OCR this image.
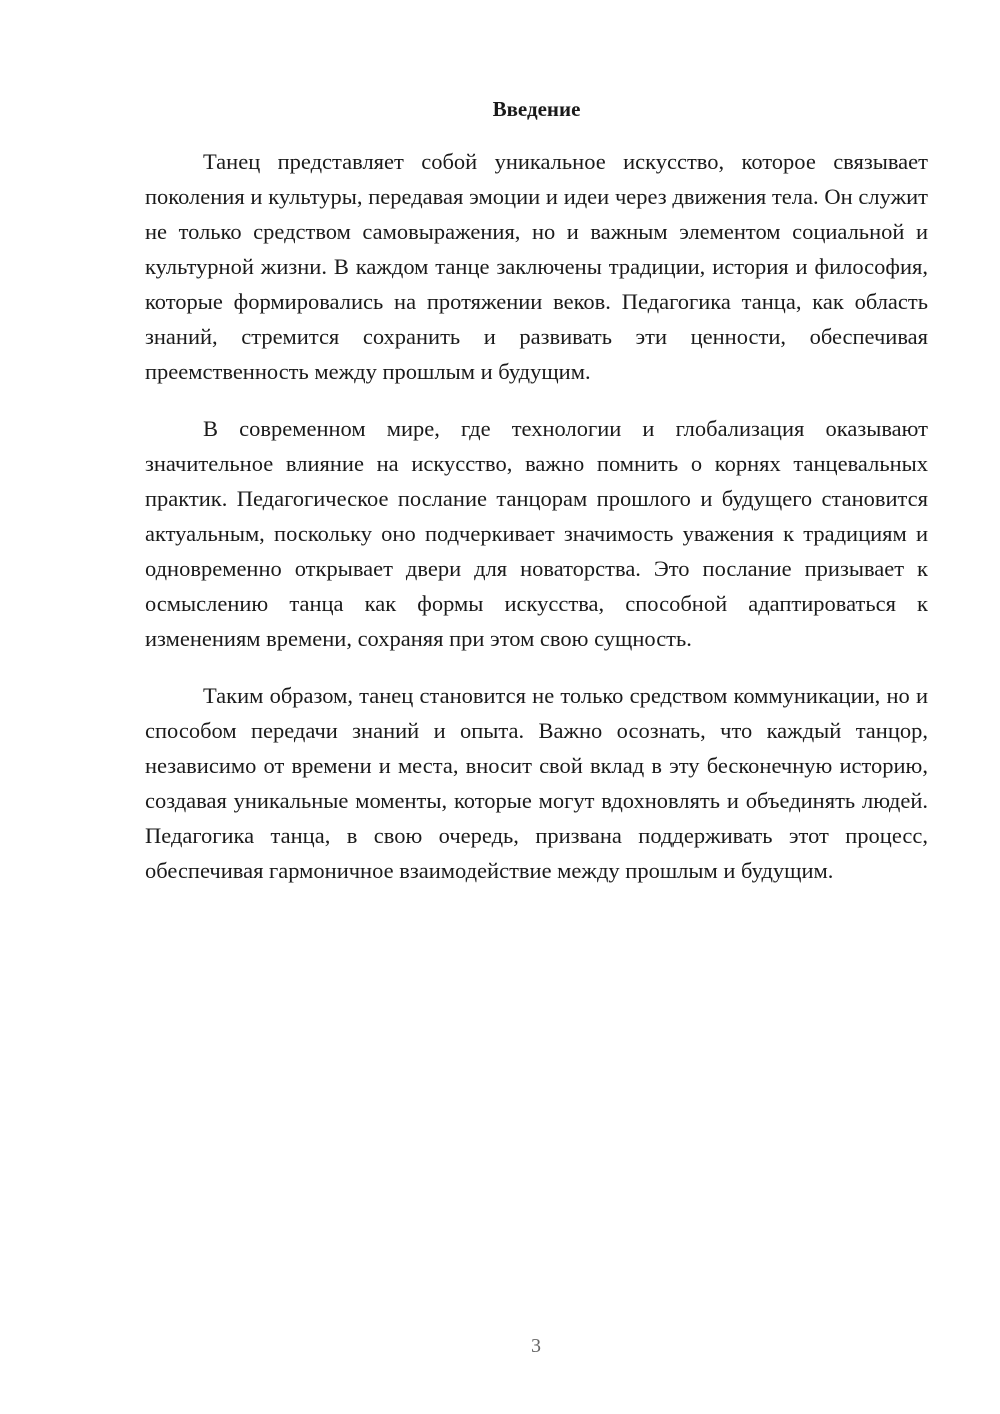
Введение

Танец представляет собой уникальное искусство, которое связывает поколения и культуры, передавая эмоции и идеи через движения тела. Он служит не только средством самовыражения, но и важным элементом социальной и культурной жизни. В каждом танце заключены традиции, история и философия, которые формировались на протяжении веков. Педагогика танца, как область знаний, стремится сохранить и развивать эти ценности, обеспечивая преемственность между прошлым и будущим.

В современном мире, где технологии и глобализация оказывают значительное влияние на искусство, важно помнить о корнях танцевальных практик. Педагогическое послание танцорам прошлого и будущего становится актуальным, поскольку оно подчеркивает значимость уважения к традициям и одновременно открывает двери для новаторства. Это послание призывает к осмыслению танца как формы искусства, способной адаптироваться к изменениям времени, сохраняя при этом свою сущность.

Таким образом, танец становится не только средством коммуникации, но и способом передачи знаний и опыта. Важно осознать, что каждый танцор, независимо от времени и места, вносит свой вклад в эту бесконечную историю, создавая уникальные моменты, которые могут вдохновлять и объединять людей. Педагогика танца, в свою очередь, призвана поддерживать этот процесс, обеспечивая гармоничное взаимодействие между прошлым и будущим.

3
